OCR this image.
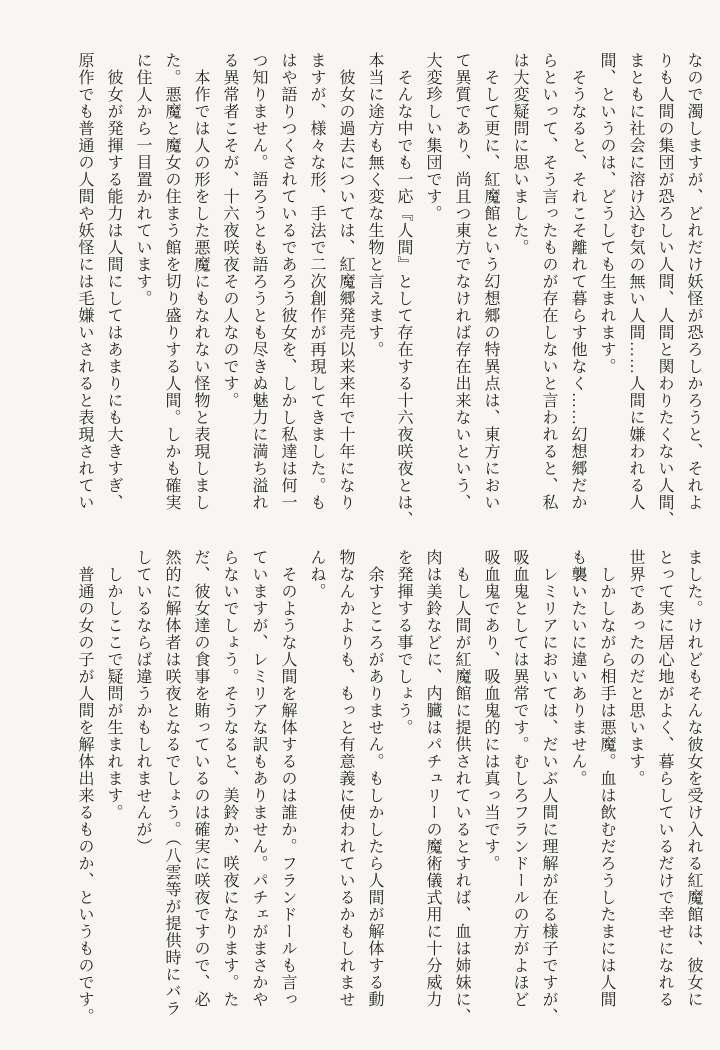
なので濁しますが、どれだけ妖怪が恐ろしかろうと、それよ
りも人間の集団が恐ろしい人間、人間と関わりたくない人間、
まともに社会に溶け込む気の無い人間……人間に嫌われる人
間、というのは、どうしても生まれます。
そうなると、それこそ離れて暮らす他なく……幻想郷だか
らといって、そう言ったものが存在しないと言われると、私
は大変疑問に思いました。
そして更に、紅魔館という幻想郷の特異点は、東方におい
て異質であり、尚且つ東方でなければ存在出来ないという、
大変珍しい集団です。
そんな中でも一応『人間』として存在する十六夜咲夜とは、
本当に途方も無く変な生物と言えます。
彼女の過去については、紅魔郷発売以来来年で十年になり
ますが、様々な形、手法で二次創作が再現してきました。も
はや語りつくされているであろう彼女を、しかし私達は何一
つ知りません。語ろうとも語ろうとも尽きぬ魅力に満ち溢れ
る異常者こそが、十六夜咲夜その人なのです。
本作では人の形をした悪魔にもなれない怪物と表現しまし
た。悪魔と魔女の住まう館を切り盛りする人間。しかも確実
に住人から一目置かれています。
彼女が発揮する能力は人間にしてはあまりにも大きすぎ、
原作でも普通の人間や妖怪には毛嫌いされると表現されてい
ました。けれどもそんな彼女を受け入れる紅魔館は、彼女に
とって実に居心地がよく、暮らしているだけで幸せになれる
世界であったのだと思います。
しかしながら相手は悪魔。血は飲むだろうしたまには人間
も襲いたいに違いありません。
レミリアにおいては、だいぶ人間に理解が在る様子ですが、
吸血鬼としては異常です。むしろフランドールの方がよほど
吸血鬼であり、吸血鬼的には真っ当です。
もし人間が紅魔館に提供されているとすれば、血は姉妹に、
肉は美鈴などに、内臓はパチュリーの魔術儀式用に十分威力
を発揮する事でしょう。
余すところがありません。もしかしたら人間が解体する動
物なんかよりも、もっと有意義に使われているかもしれませ
んね。
そのような人間を解体するのは誰か。フランドールも言っ
ていますが、レミリアな訳もありません。パチェがまさかや
らないでしょう。そうなると、美鈴か、咲夜になります。た
だ、彼女達の食事を賄っているのは確実に咲夜ですので、必
然的に解体者は咲夜となるでしょう。（八雲等が提供時にバラ
しているならば違うかもしれませんが）
しかしここで疑問が生まれます。
普通の女の子が人間を解体出来るものか、というものです。
